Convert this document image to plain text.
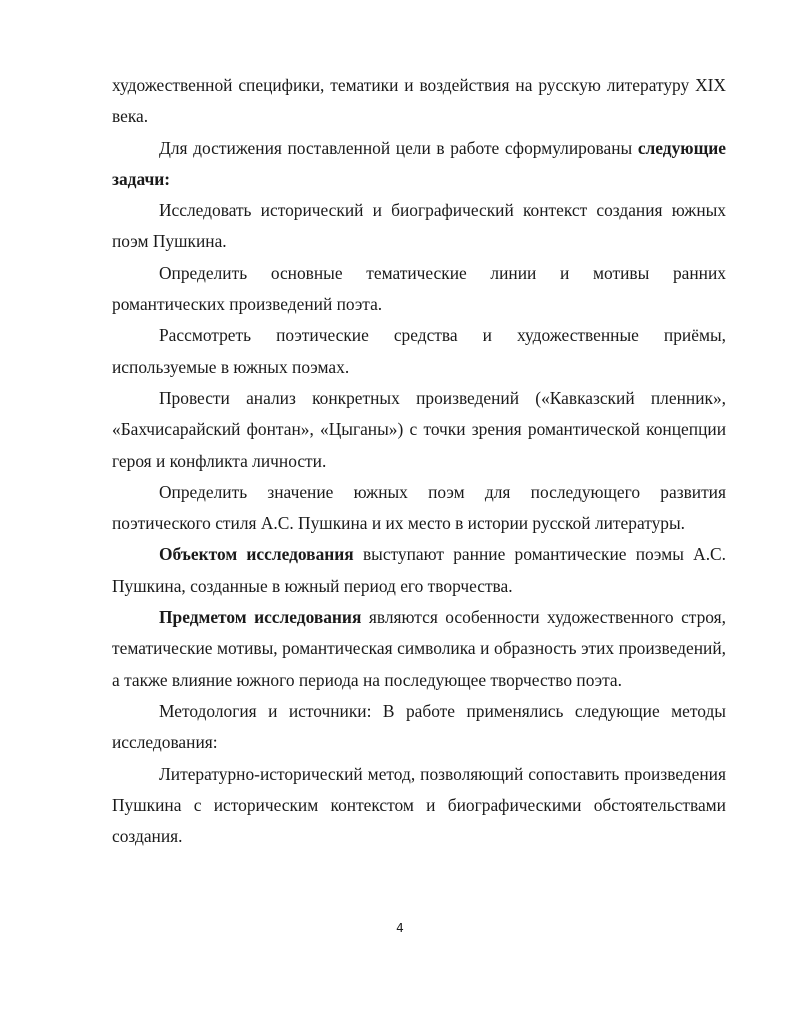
художественной специфики, тематики и воздействия на русскую литературу XIX века.

Для достижения поставленной цели в работе сформулированы следующие задачи:

Исследовать исторический и биографический контекст создания южных поэм Пушкина.

Определить основные тематические линии и мотивы ранних романтических произведений поэта.

Рассмотреть поэтические средства и художественные приёмы, используемые в южных поэмах.

Провести анализ конкретных произведений («Кавказский пленник», «Бахчисарайский фонтан», «Цыганы») с точки зрения романтической концепции героя и конфликта личности.

Определить значение южных поэм для последующего развития поэтического стиля А.С. Пушкина и их место в истории русской литературы.

Объектом исследования выступают ранние романтические поэмы А.С. Пушкина, созданные в южный период его творчества.

Предметом исследования являются особенности художественного строя, тематические мотивы, романтическая символика и образность этих произведений, а также влияние южного периода на последующее творчество поэта.

Методология и источники: В работе применялись следующие методы исследования:

Литературно-исторический метод, позволяющий сопоставить произведения Пушкина с историческим контекстом и биографическими обстоятельствами создания.

4
